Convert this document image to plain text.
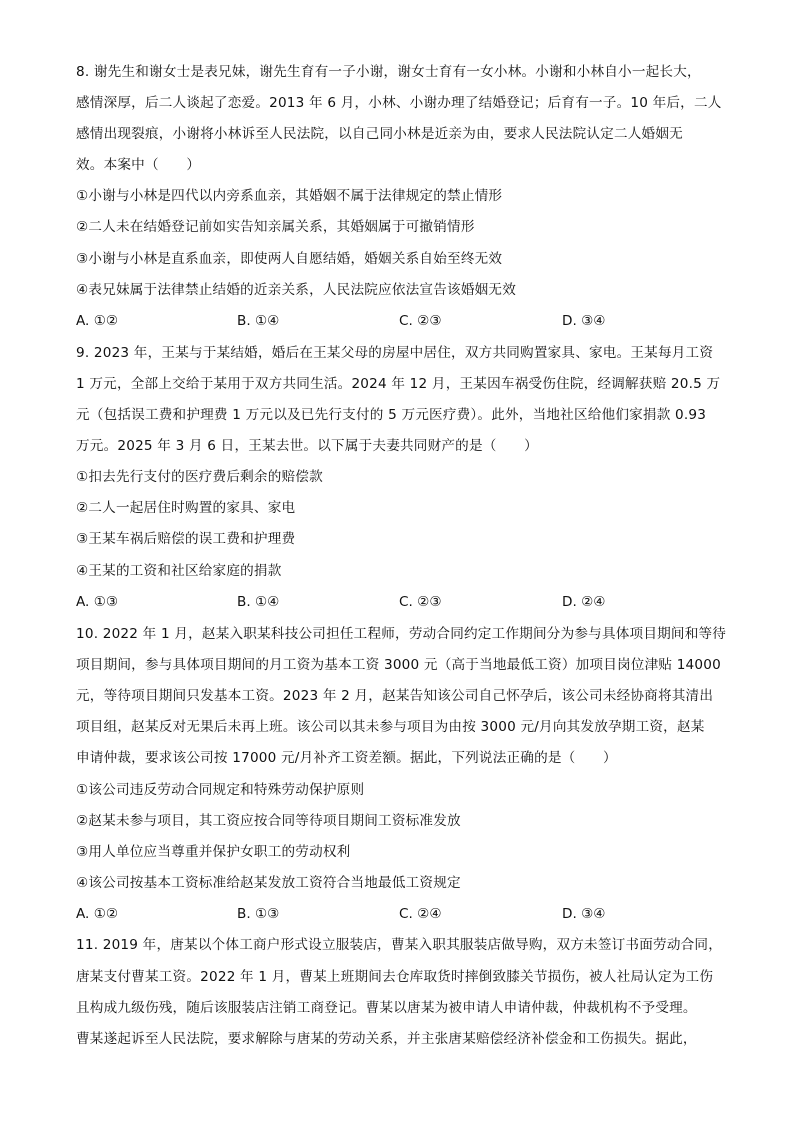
8. 谢先生和谢女士是表兄妹，谢先生育有一子小谢，谢女士育有一女小林。小谢和小林自小一起长大，
感情深厚，后二人谈起了恋爱。2013 年 6 月，小林、小谢办理了结婚登记；后育有一子。10 年后，二人
感情出现裂痕，小谢将小林诉至人民法院，以自己同小林是近亲为由，要求人民法院认定二人婚姻无
效。本案中（　　）
①小谢与小林是四代以内旁系血亲，其婚姻不属于法律规定的禁止情形
②二人未在结婚登记前如实告知亲属关系，其婚姻属于可撤销情形
③小谢与小林是直系血亲，即使两人自愿结婚，婚姻关系自始至终无效
④表兄妹属于法律禁止结婚的近亲关系，人民法院应依法宣告该婚姻无效
A. ①②	B. ①④	C. ②③	D. ③④
9. 2023 年，王某与于某结婚，婚后在王某父母的房屋中居住，双方共同购置家具、家电。王某每月工资
1 万元，全部上交给于某用于双方共同生活。2024 年 12 月，王某因车祸受伤住院，经调解获赔 20.5 万
元（包括误工费和护理费 1 万元以及已先行支付的 5 万元医疗费）。此外，当地社区给他们家捐款 0.93
万元。2025 年 3 月 6 日，王某去世。以下属于夫妻共同财产的是（　　）
①扣去先行支付的医疗费后剩余的赔偿款
②二人一起居住时购置的家具、家电
③王某车祸后赔偿的误工费和护理费
④王某的工资和社区给家庭的捐款
A. ①③	B. ①④	C. ②③	D. ②④
10. 2022 年 1 月，赵某入职某科技公司担任工程师，劳动合同约定工作期间分为参与具体项目期间和等待
项目期间，参与具体项目期间的月工资为基本工资 3000 元（高于当地最低工资）加项目岗位津贴 14000
元，等待项目期间只发基本工资。2023 年 2 月，赵某告知该公司自己怀孕后，该公司未经协商将其清出
项目组，赵某反对无果后未再上班。该公司以其未参与项目为由按 3000 元/月向其发放孕期工资，赵某
申请仲裁，要求该公司按 17000 元/月补齐工资差额。据此，下列说法正确的是（　　）
①该公司违反劳动合同规定和特殊劳动保护原则
②赵某未参与项目，其工资应按合同等待项目期间工资标准发放
③用人单位应当尊重并保护女职工的劳动权利
④该公司按基本工资标准给赵某发放工资符合当地最低工资规定
A. ①②	B. ①③	C. ②④	D. ③④
11. 2019 年，唐某以个体工商户形式设立服装店，曹某入职其服装店做导购，双方未签订书面劳动合同，
唐某支付曹某工资。2022 年 1 月，曹某上班期间去仓库取货时摔倒致膝关节损伤，被人社局认定为工伤
且构成九级伤残，随后该服装店注销工商登记。曹某以唐某为被申请人申请仲裁，仲裁机构不予受理。
曹某遂起诉至人民法院，要求解除与唐某的劳动关系，并主张唐某赔偿经济补偿金和工伤损失。据此，
